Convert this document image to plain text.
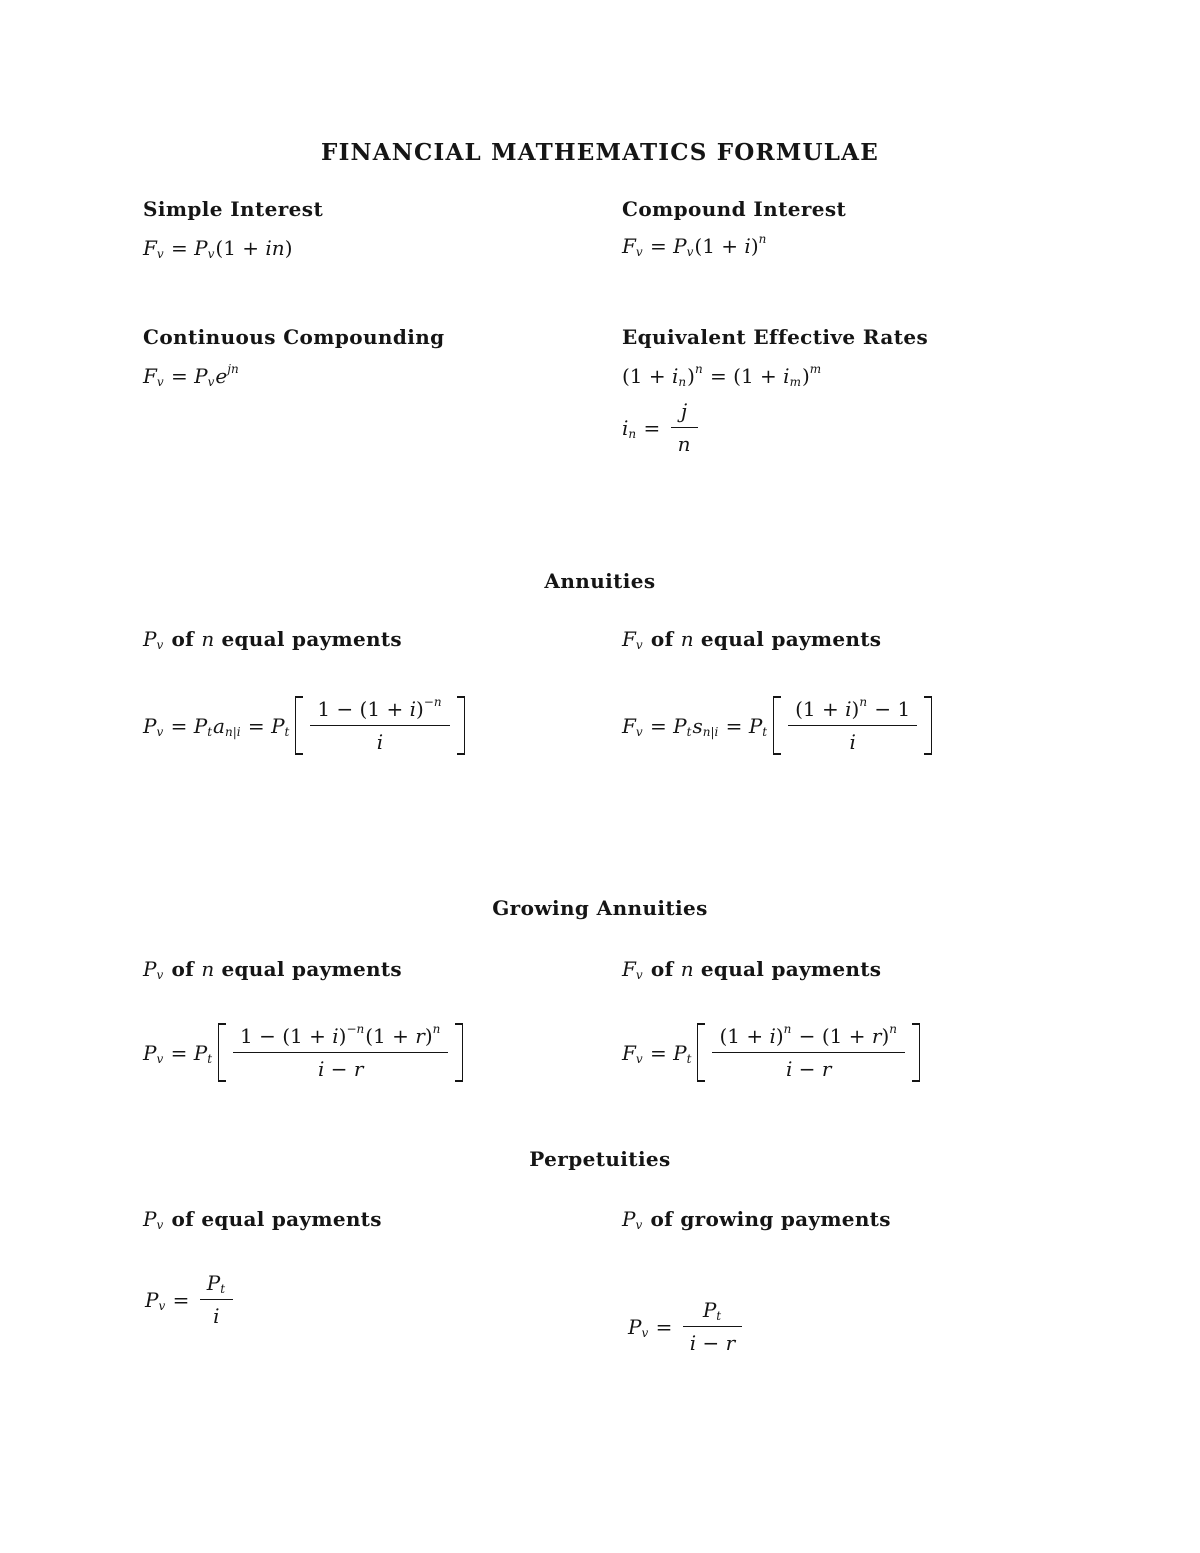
FINANCIAL MATHEMATICS FORMULAE
Simple Interest	Compound Interest
F v = P v (1 + in )	F v = P v (1 + i ) n
Continuous Compounding	Equivalent Effective Rates
F v = P v e jn	(1 + i n ) n = (1 + i m ) m
i $n = \frac{j}{n}$
Annuities
P v of n equal payments	F v of n equal payments
P v = P t a n|i = P t $\frac{1 - (1 + i ) -n}{i}$	F v = P t s n|i = P t $\frac{(1 + i ) n - 1}{i}$
Growing Annuities
P v of n equal payments	F v of n equal payments
P v = P t $\frac{1 - (1 + i ) -n (1 + r ) n}{i - r}$	F v = P t $\frac{(1 + i ) n - (1 + r ) n}{i - r}$
Perpetuities
P v of equal payments	P v of growing payments
P $v = \frac{\text{P t}}{i}$	P $v = \frac{\text{P t}}{i - r}$
